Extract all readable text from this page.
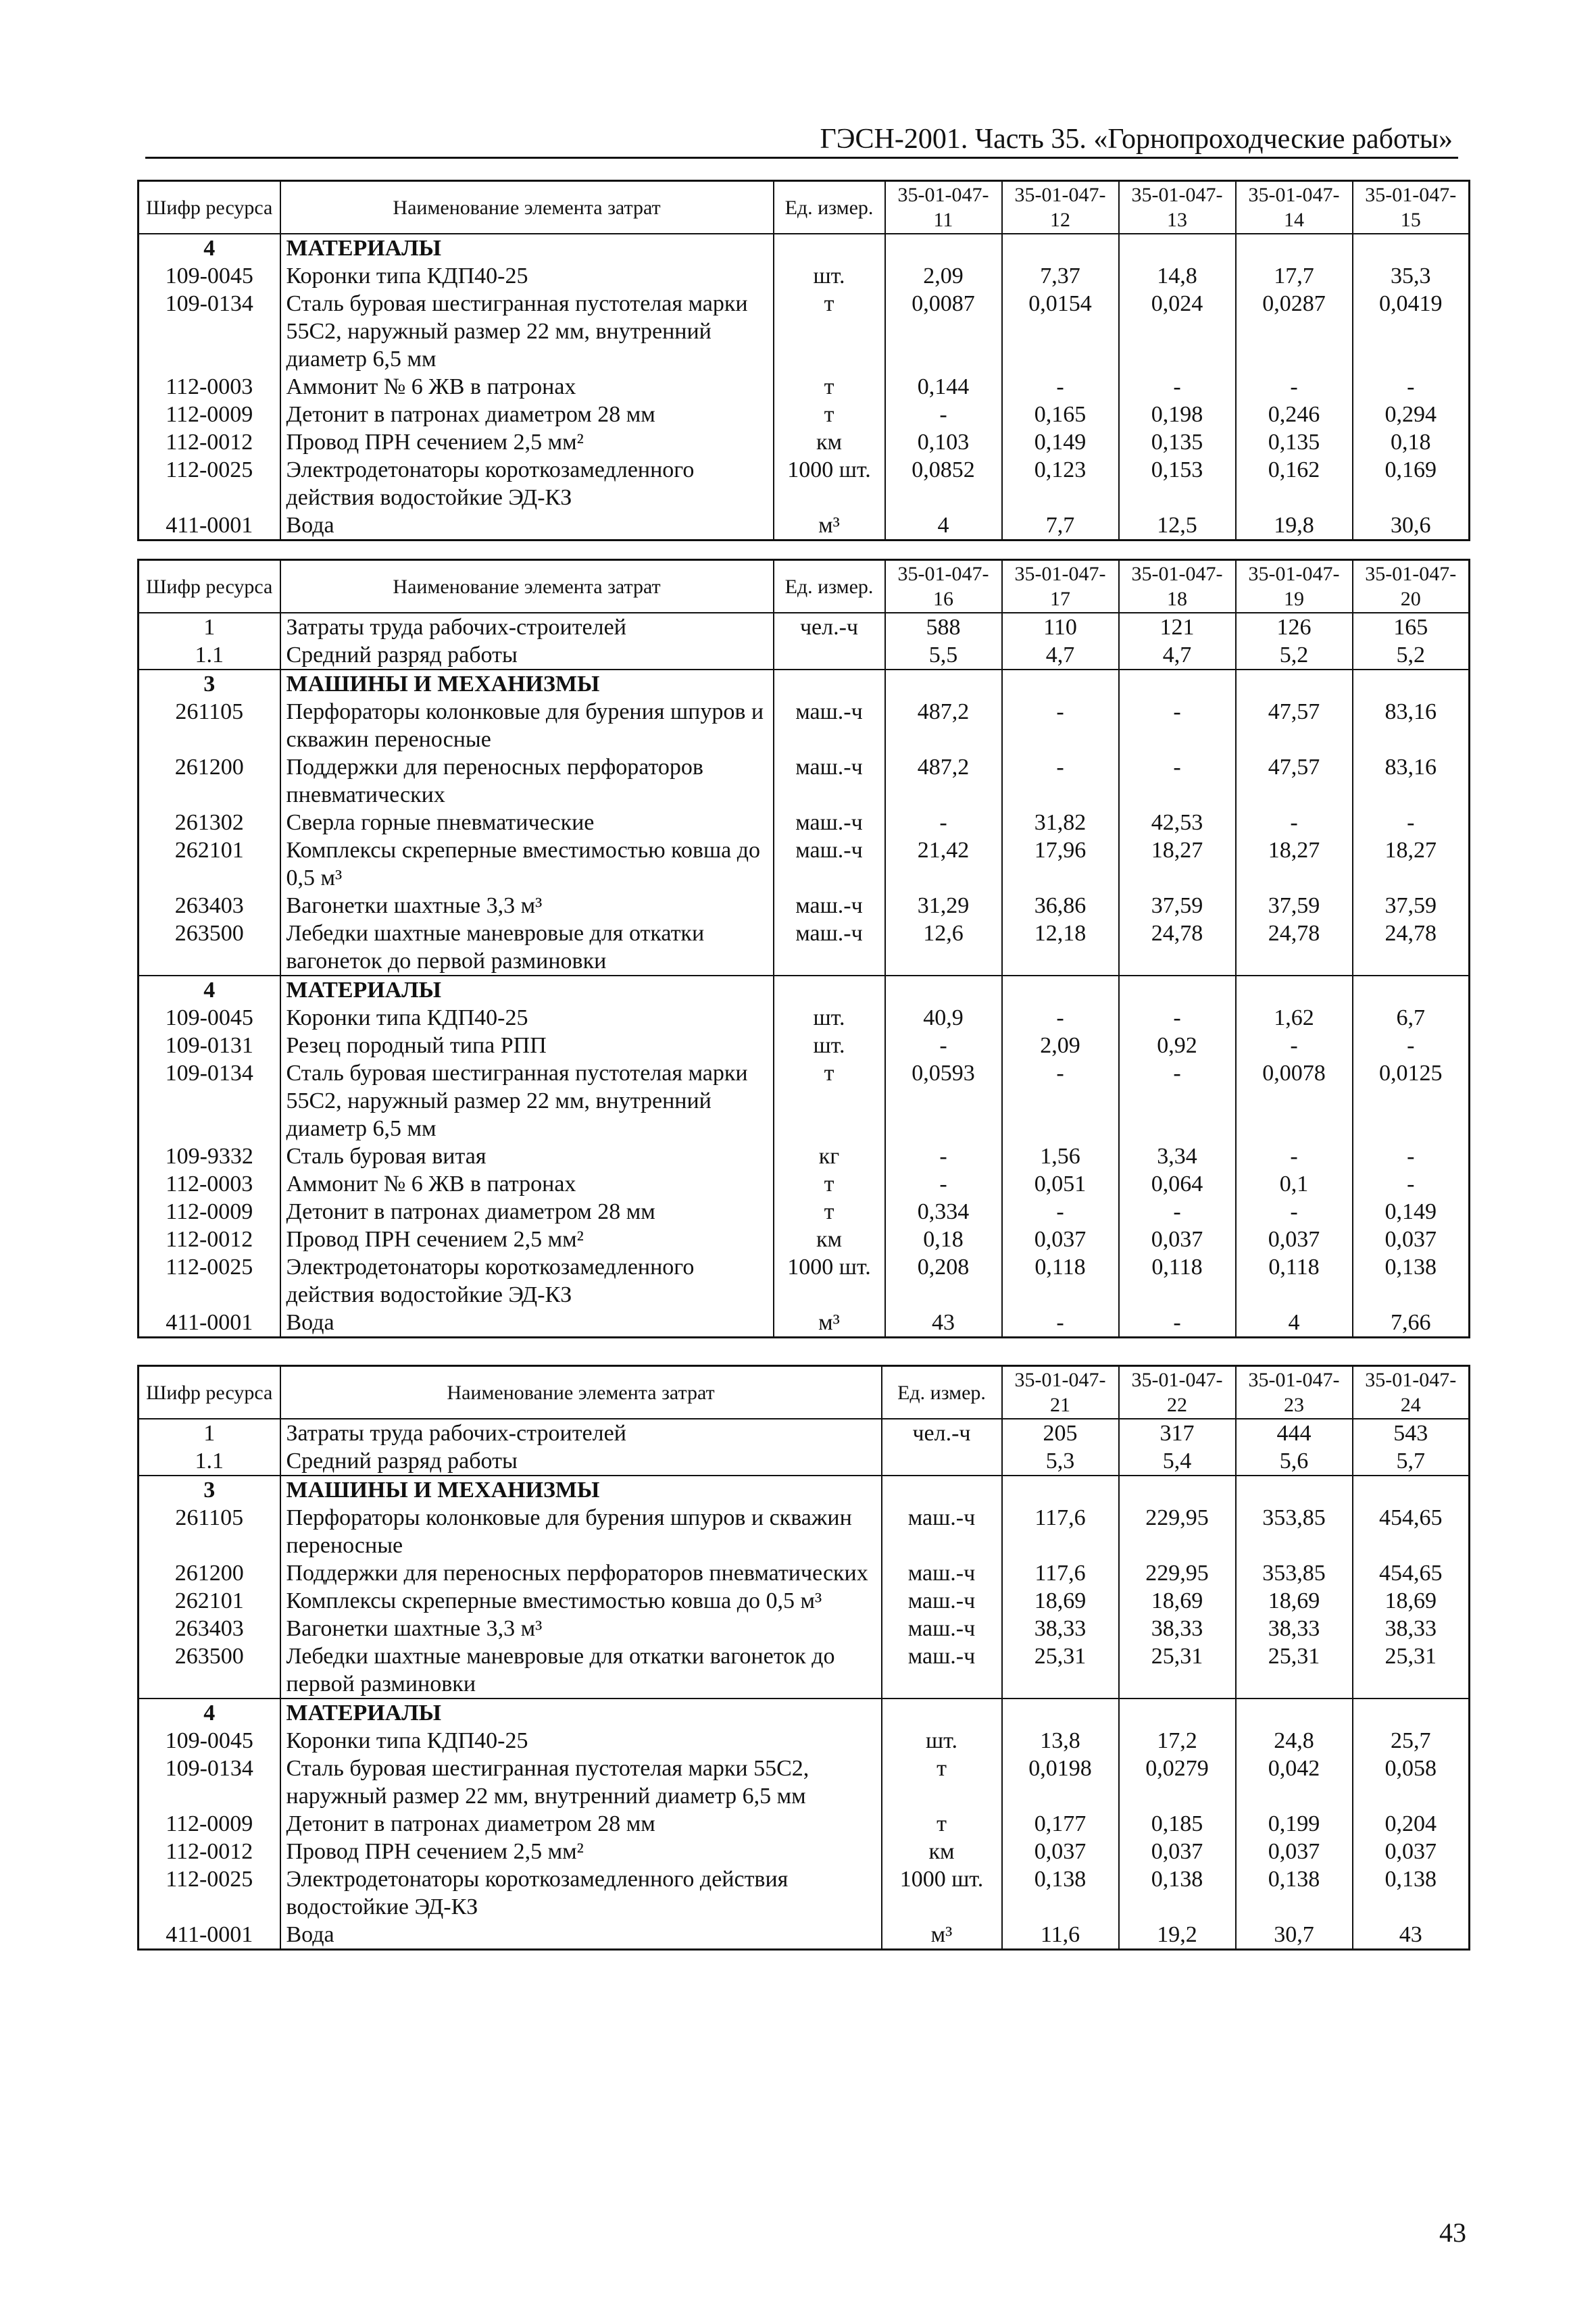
ГЭСН-2001. Часть 35. «Горнопроходческие работы»
Шифр ресурса	Наименование элемента затрат	Ед. измер.	35-01-047-11	35-01-047-12	35-01-047-13	35-01-047-14	35-01-047-15
4	МАТЕРИАЛЫ						
109-0045	Коронки типа КДП40-25	шт.	2,09	7,37	14,8	17,7	35,3
109-0134	Сталь буровая шестигранная пустотелая марки 55С2, наружный размер 22 мм, внутренний диаметр 6,5 мм	т	0,0087	0,0154	0,024	0,0287	0,0419
112-0003	Аммонит № 6 ЖВ в патронах	т	0,144	-	-	-	-
112-0009	Детонит в патронах диаметром 28 мм	т	-	0,165	0,198	0,246	0,294
112-0012	Провод ПРН сечением 2,5 мм²	км	0,103	0,149	0,135	0,135	0,18
112-0025	Электродетонаторы короткозамедленного действия водостойкие ЭД-КЗ	1000 шт.	0,0852	0,123	0,153	0,162	0,169
411-0001	Вода	м³	4	7,7	12,5	19,8	30,6
Шифр ресурса	Наименование элемента затрат	Ед. измер.	35-01-047-16	35-01-047-17	35-01-047-18	35-01-047-19	35-01-047-20
1	Затраты труда рабочих-строителей	чел.-ч	588	110	121	126	165
1.1	Средний разряд работы		5,5	4,7	4,7	5,2	5,2
3	МАШИНЫ И МЕХАНИЗМЫ						
261105	Перфораторы колонковые для бурения шпуров и скважин переносные	маш.-ч	487,2	-	-	47,57	83,16
261200	Поддержки для переносных перфораторов пневматических	маш.-ч	487,2	-	-	47,57	83,16
261302	Сверла горные пневматические	маш.-ч	-	31,82	42,53	-	-
262101	Комплексы скреперные вместимостью ковша до 0,5 м³	маш.-ч	21,42	17,96	18,27	18,27	18,27
263403	Вагонетки шахтные 3,3 м³	маш.-ч	31,29	36,86	37,59	37,59	37,59
263500	Лебедки шахтные маневровые для откатки вагонеток до первой разминовки	маш.-ч	12,6	12,18	24,78	24,78	24,78
4	МАТЕРИАЛЫ						
109-0045	Коронки типа КДП40-25	шт.	40,9	-	-	1,62	6,7
109-0131	Резец породный типа РПП	шт.	-	2,09	0,92	-	-
109-0134	Сталь буровая шестигранная пустотелая марки 55С2, наружный размер 22 мм, внутренний диаметр 6,5 мм	т	0,0593	-	-	0,0078	0,0125
109-9332	Сталь буровая витая	кг	-	1,56	3,34	-	-
112-0003	Аммонит № 6 ЖВ в патронах	т	-	0,051	0,064	0,1	-
112-0009	Детонит в патронах диаметром 28 мм	т	0,334	-	-	-	0,149
112-0012	Провод ПРН сечением 2,5 мм²	км	0,18	0,037	0,037	0,037	0,037
112-0025	Электродетонаторы короткозамедленного действия водостойкие ЭД-КЗ	1000 шт.	0,208	0,118	0,118	0,118	0,138
411-0001	Вода	м³	43	-	-	4	7,66
Шифр ресурса	Наименование элемента затрат	Ед. измер.	35-01-047-21	35-01-047-22	35-01-047-23	35-01-047-24
1	Затраты труда рабочих-строителей	чел.-ч	205	317	444	543
1.1	Средний разряд работы		5,3	5,4	5,6	5,7
3	МАШИНЫ И МЕХАНИЗМЫ					
261105	Перфораторы колонковые для бурения шпуров и скважин переносные	маш.-ч	117,6	229,95	353,85	454,65
261200	Поддержки для переносных перфораторов пневматических	маш.-ч	117,6	229,95	353,85	454,65
262101	Комплексы скреперные вместимостью ковша до 0,5 м³	маш.-ч	18,69	18,69	18,69	18,69
263403	Вагонетки шахтные 3,3 м³	маш.-ч	38,33	38,33	38,33	38,33
263500	Лебедки шахтные маневровые для откатки вагонеток до первой разминовки	маш.-ч	25,31	25,31	25,31	25,31
4	МАТЕРИАЛЫ					
109-0045	Коронки типа КДП40-25	шт.	13,8	17,2	24,8	25,7
109-0134	Сталь буровая шестигранная пустотелая марки 55С2, наружный размер 22 мм, внутренний диаметр 6,5 мм	т	0,0198	0,0279	0,042	0,058
112-0009	Детонит в патронах диаметром 28 мм	т	0,177	0,185	0,199	0,204
112-0012	Провод ПРН сечением 2,5 мм²	км	0,037	0,037	0,037	0,037
112-0025	Электродетонаторы короткозамедленного действия водостойкие ЭД-КЗ	1000 шт.	0,138	0,138	0,138	0,138
411-0001	Вода	м³	11,6	19,2	30,7	43
43
